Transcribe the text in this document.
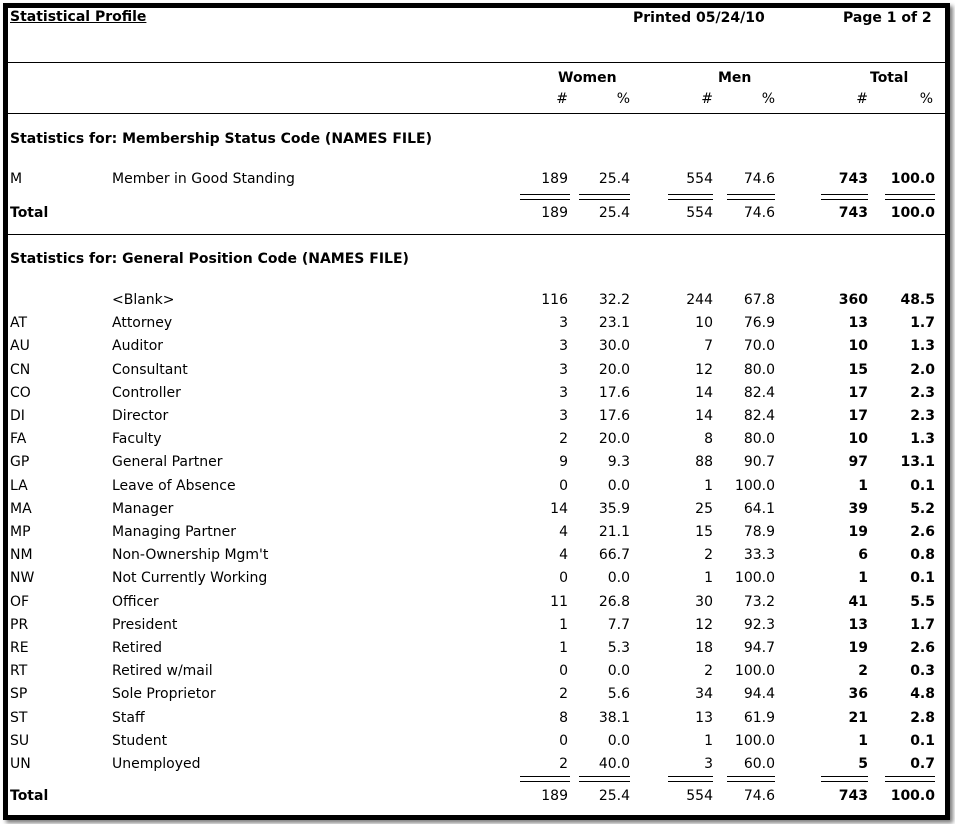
Statistical Profile	Printed 05/24/10	Page 1 of 2
Women	Men	Total
#	%	#	%	#	%
Statistics for: Membership Status Code (NAMES FILE)
M	Member in Good Standing	189	25.4	554	74.6	743	100.0
Total	189	25.4	554	74.6	743	100.0
Statistics for: General Position Code (NAMES FILE)
<Blank>	116	32.2	244	67.8	360	48.5
AT	Attorney	3	23.1	10	76.9	13	1.7
AU	Auditor	3	30.0	7	70.0	10	1.3
CN	Consultant	3	20.0	12	80.0	15	2.0
CO	Controller	3	17.6	14	82.4	17	2.3
DI	Director	3	17.6	14	82.4	17	2.3
FA	Faculty	2	20.0	8	80.0	10	1.3
GP	General Partner	9	9.3	88	90.7	97	13.1
LA	Leave of Absence	0	0.0	1	100.0	1	0.1
MA	Manager	14	35.9	25	64.1	39	5.2
MP	Managing Partner	4	21.1	15	78.9	19	2.6
NM	Non-Ownership Mgm't	4	66.7	2	33.3	6	0.8
NW	Not Currently Working	0	0.0	1	100.0	1	0.1
OF	Officer	11	26.8	30	73.2	41	5.5
PR	President	1	7.7	12	92.3	13	1.7
RE	Retired	1	5.3	18	94.7	19	2.6
RT	Retired w/mail	0	0.0	2	100.0	2	0.3
SP	Sole Proprietor	2	5.6	34	94.4	36	4.8
ST	Staff	8	38.1	13	61.9	21	2.8
SU	Student	0	0.0	1	100.0	1	0.1
UN	Unemployed	2	40.0	3	60.0	5	0.7
Total	189	25.4	554	74.6	743	100.0
